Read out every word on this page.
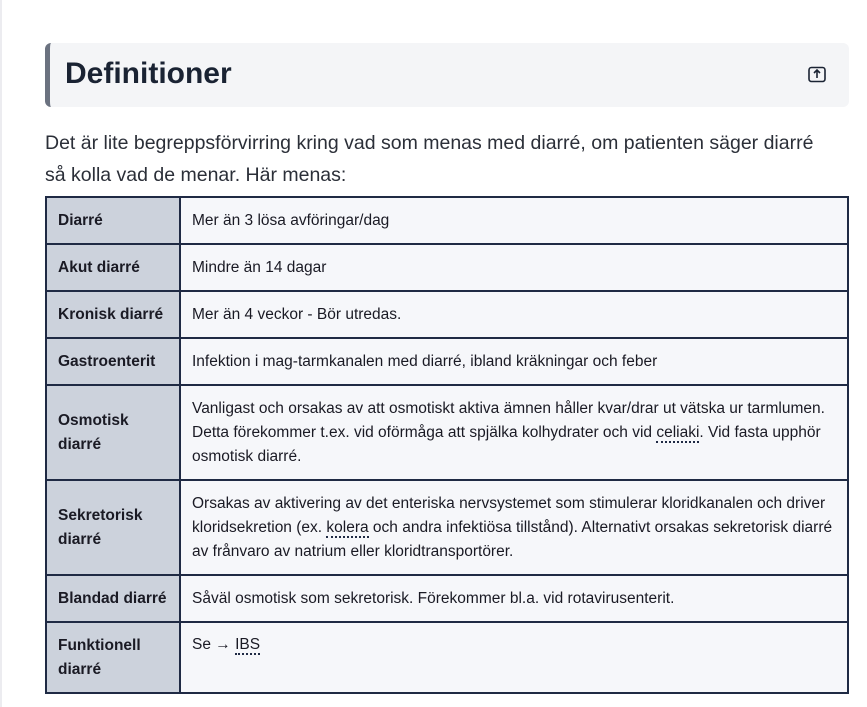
Definitioner

Det är lite begreppsförvirring kring vad som menas med diarré, om patienten säger diarré så kolla vad de menar. Här menas:

Diarré	Mer än 3 lösa avföringar/dag
Akut diarré	Mindre än 14 dagar
Kronisk diarré	Mer än 4 veckor - Bör utredas.
Gastroenterit	Infektion i mag-tarmkanalen med diarré, ibland kräkningar och feber
Osmotisk diarré	Vanligast och orsakas av att osmotiskt aktiva ämnen håller kvar/drar ut vätska ur tarmlumen. Detta förekommer t.ex. vid oförmåga att spjälka kolhydrater och vid celiaki. Vid fasta upphör osmotisk diarré.
Sekretorisk diarré	Orsakas av aktivering av det enteriska nervsystemet som stimulerar kloridkanalen och driver kloridsekretion (ex. kolera och andra infektiösa tillstånd). Alternativt orsakas sekretorisk diarré av frånvaro av natrium eller kloridtransportörer.
Blandad diarré	Såväl osmotisk som sekretorisk. Förekommer bl.a. vid rotavirusenterit.
Funktionell diarré	Se → IBS
